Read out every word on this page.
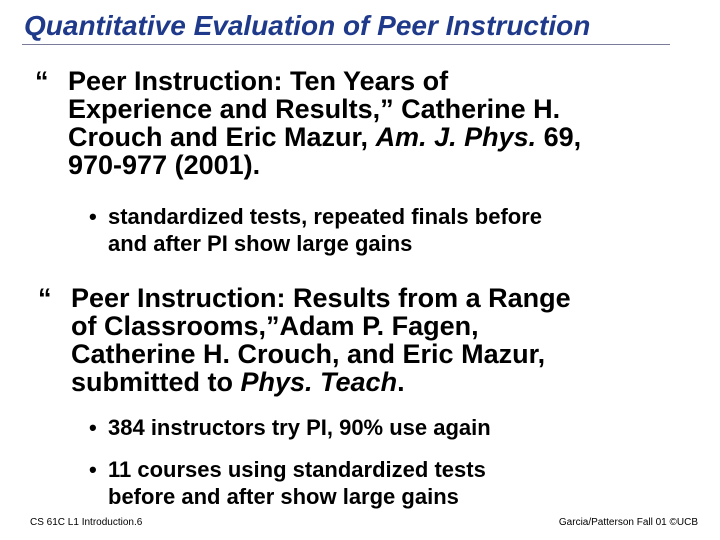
Quantitative Evaluation of Peer Instruction
“ Peer Instruction: Ten Years of
Experience and Results,” Catherine H.
Crouch and Eric Mazur, Am. J. Phys. 69,
970-977 (2001).
• standardized tests, repeated finals before
and after PI show large gains
“ Peer Instruction: Results from a Range
of Classrooms,”Adam P. Fagen,
Catherine H. Crouch, and Eric Mazur,
submitted to Phys. Teach.
• 384 instructors try PI, 90% use again
• 11 courses using standardized tests
before and after show large gains
CS 61C L1 Introduction.6	Garcia/Patterson Fall 01 ©UCB
